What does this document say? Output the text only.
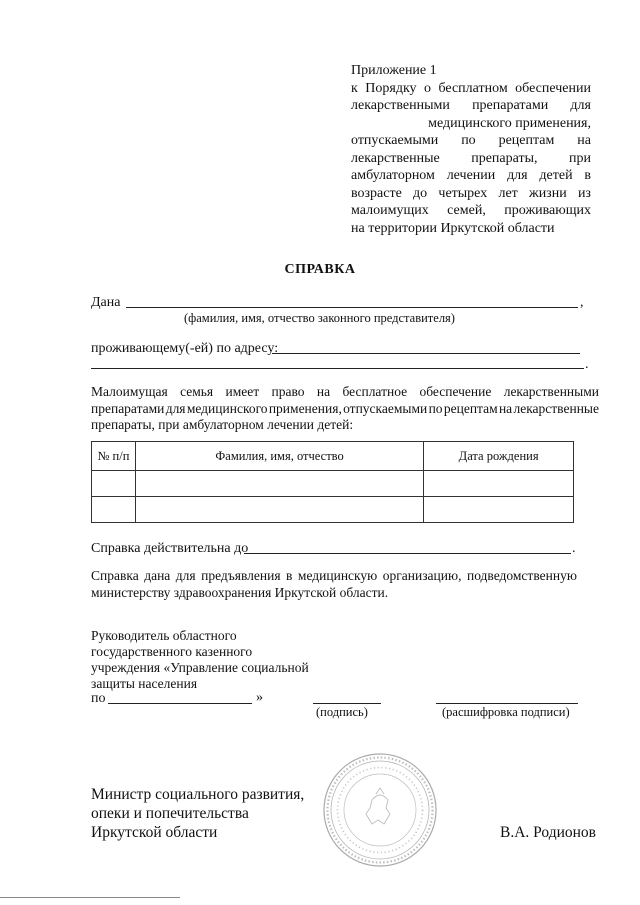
Приложение 1
к Порядку о бесплатном обеспечении
лекарственными препаратами для
медицинского применения,
отпускаемыми по рецептам на
лекарственные препараты, при
амбулаторном лечении для детей в
возрасте до четырех лет жизни из
малоимущих семей, проживающих
на территории Иркутской области
СПРАВКА
Дана	,
(фамилия, имя, отчество законного представителя)
проживающему(-ей) по адресу:
.
Малоимущая семья имеет право на бесплатное обеспечение лекарственными
препаратами для медицинского применения, отпускаемыми по рецептам на лекарственные
препараты, при амбулаторном лечении детей:
№ п/п	Фамилия, имя, отчество	Дата рождения

Справка действительна до	.
Справка дана для предъявления в медицинскую организацию, подведомственную
министерству здравоохранения Иркутской области.
Руководитель областного
государственного казенного
учреждения «Управление социальной
защиты населения
по	»
(подпись)	(расшифровка подписи)
Министр социального развития,
опеки и попечительства
Иркутской области	В.А. Родионов
